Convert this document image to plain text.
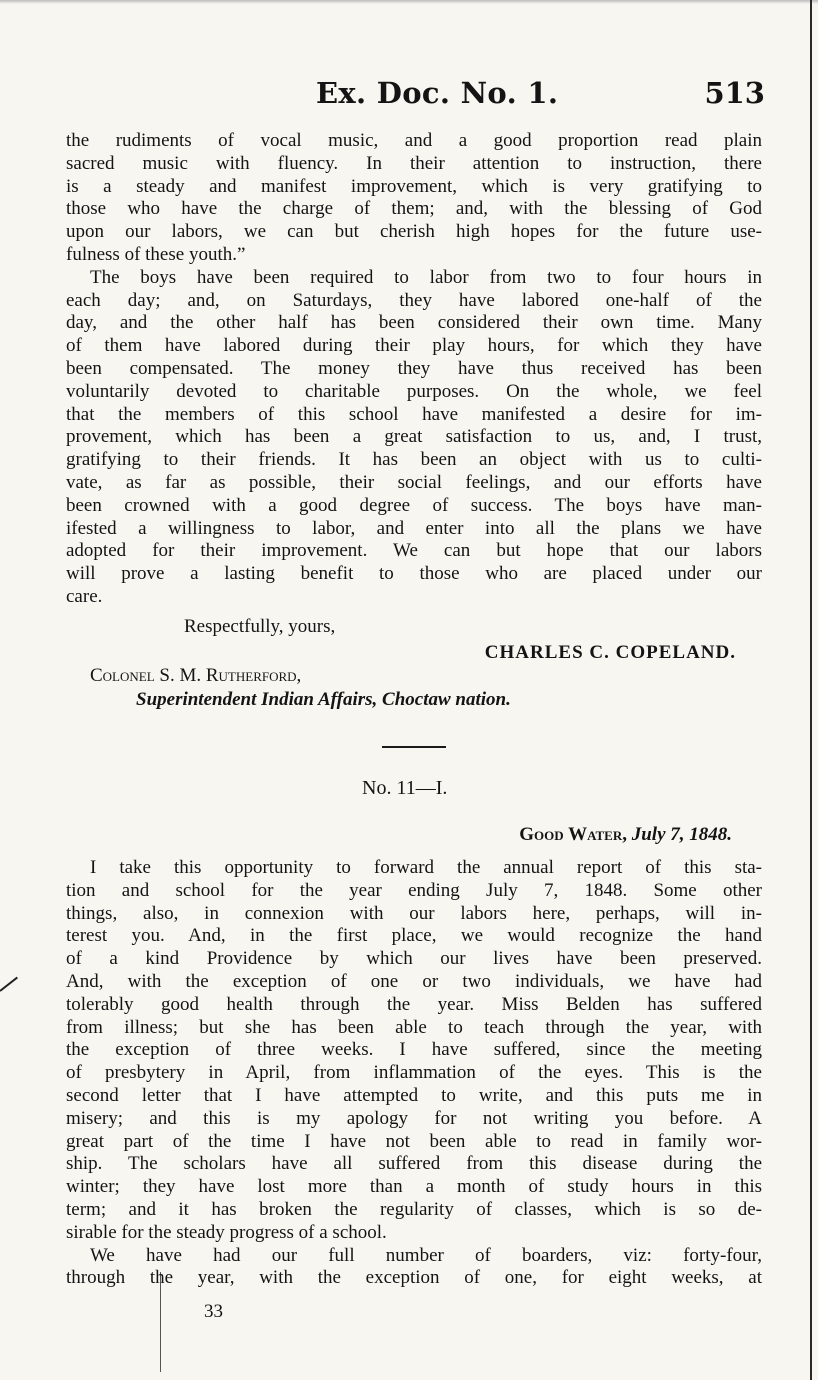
Ex. Doc. No. 1.	513
the rudiments of vocal music, and a good proportion read plain
sacred music with fluency. In their attention to instruction, there
is a steady and manifest improvement, which is very gratifying to
those who have the charge of them; and, with the blessing of God
upon our labors, we can but cherish high hopes for the future use-
fulness of these youth.”
The boys have been required to labor from two to four hours in
each day; and, on Saturdays, they have labored one-half of the
day, and the other half has been considered their own time. Many
of them have labored during their play hours, for which they have
been compensated. The money they have thus received has been
voluntarily devoted to charitable purposes. On the whole, we feel
that the members of this school have manifested a desire for im-
provement, which has been a great satisfaction to us, and, I trust,
gratifying to their friends. It has been an object with us to culti-
vate, as far as possible, their social feelings, and our efforts have
been crowned with a good degree of success. The boys have man-
ifested a willingness to labor, and enter into all the plans we have
adopted for their improvement. We can but hope that our labors
will prove a lasting benefit to those who are placed under our
care.
Respectfully, yours,
CHARLES C. COPELAND.
Colonel S. M. Rutherford,
Superintendent Indian Affairs, Choctaw nation.
No. 11—I.
Good Water, July 7, 1848.
I take this opportunity to forward the annual report of this sta-
tion and school for the year ending July 7, 1848. Some other
things, also, in connexion with our labors here, perhaps, will in-
terest you. And, in the first place, we would recognize the hand
of a kind Providence by which our lives have been preserved.
And, with the exception of one or two individuals, we have had
tolerably good health through the year. Miss Belden has suffered
from illness; but she has been able to teach through the year, with
the exception of three weeks. I have suffered, since the meeting
of presbytery in April, from inflammation of the eyes. This is the
second letter that I have attempted to write, and this puts me in
misery; and this is my apology for not writing you before. A
great part of the time I have not been able to read in family wor-
ship. The scholars have all suffered from this disease during the
winter; they have lost more than a month of study hours in this
term; and it has broken the regularity of classes, which is so de-
sirable for the steady progress of a school.
We have had our full number of boarders, viz: forty-four,
through the year, with the exception of one, for eight weeks, at
33
